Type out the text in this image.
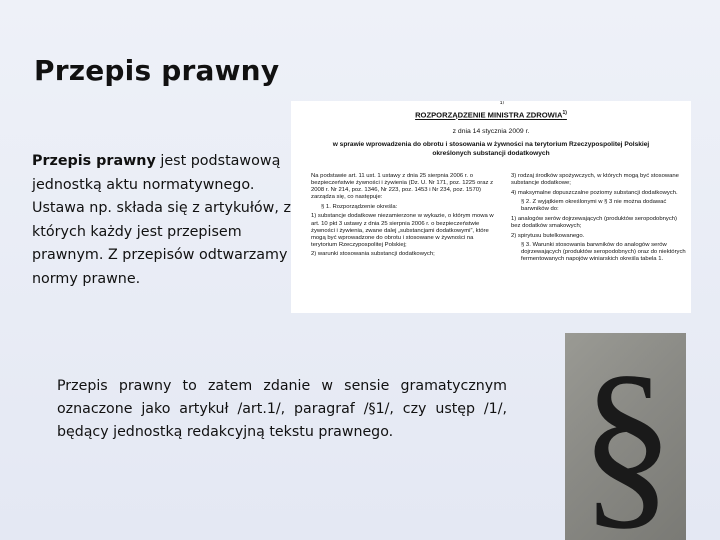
Przepis prawny
Przepis prawny jest podstawową jednostką aktu normatywnego. Ustawa np. składa się z artykułów, z których każdy jest przepisem prawnym. Z przepisów odtwarzamy normy prawne.
¹⁾
ROZPORZĄDZENIE MINISTRA ZDROWIA$^{1)}$
z dnia 14 stycznia 2009 r.
w sprawie wprowadzenia do obrotu i stosowania w żywności na terytorium Rzeczypospolitej Polskiej określonych substancji dodatkowych

Na podstawie art. 11 ust. 1 ustawy z dnia 25 sierpnia 2006 r. o bezpieczeństwie żywności i żywienia (Dz. U. Nr 171, poz. 1225 oraz z 2008 r. Nr 214, poz. 1346, Nr 223, poz. 1453 i Nr 234, poz. 1570) zarządza się, co następuje:

§ 1. Rozporządzenie określa:

1) substancje dodatkowe niezamierzone w wykazie, o którym mowa w art. 10 pkt 3 ustawy z dnia 25 sierpnia 2006 r. o bezpieczeństwie żywności i żywienia, zwane dalej „substancjami dodatkowymi”, które mogą być wprowadzone do obrotu i stosowane w żywności na terytorium Rzeczypospolitej Polskiej;

2) warunki stosowania substancji dodatkowych;

3) rodzaj środków spożywczych, w których mogą być stosowane substancje dodatkowe;

4) maksymalne dopuszczalne poziomy substancji dodatkowych.

§ 2. Z wyjątkiem określonymi w § 3 nie można dodawać barwników do:

1) analogów serów dojrzewających (produktów seropodobnych) bez dodatków smakowych;

2) spirytusu butelkowanego.

§ 3. Warunki stosowania barwników do analogów serów dojrzewających (produktów seropodobnych) oraz do niektórych fermentowanych napojów winiarskich określa tabela 1.

Przepis prawny to zatem zdanie w sensie gramatycznym oznaczone jako artykuł /art.1/, paragraf /§1/, czy ustęp /1/, będący jednostką redakcyjną tekstu prawnego. §
